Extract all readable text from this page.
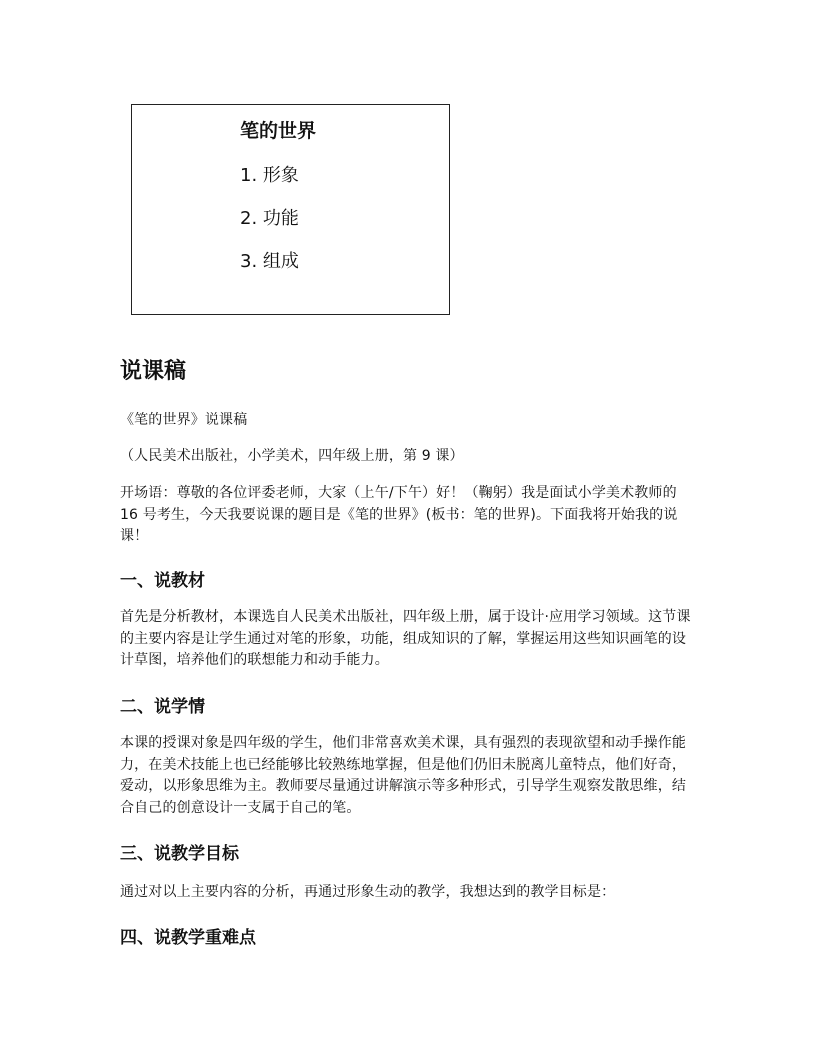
笔的世界
1. 形象
2. 功能
3. 组成
说课稿

《笔的世界》说课稿

（人民美术出版社，小学美术，四年级上册，第 9 课）

开场语：尊敬的各位评委老师，大家（上午/下午）好！（鞠躬）我是面试小学美术教师的 16 号考生，今天我要说课的题目是《笔的世界》(板书：笔的世界)。下面我将开始我的说课！

一、说教材

首先是分析教材，本课选自人民美术出版社，四年级上册，属于设计·应用学习领域。这节课的主要内容是让学生通过对笔的形象，功能，组成知识的了解，掌握运用这些知识画笔的设计草图，培养他们的联想能力和动手能力。

二、说学情

本课的授课对象是四年级的学生，他们非常喜欢美术课，具有强烈的表现欲望和动手操作能力，在美术技能上也已经能够比较熟练地掌握，但是他们仍旧未脱离儿童特点，他们好奇，爱动，以形象思维为主。教师要尽量通过讲解演示等多种形式，引导学生观察发散思维，结合自己的创意设计一支属于自己的笔。

三、说教学目标

通过对以上主要内容的分析，再通过形象生动的教学，我想达到的教学目标是：

四、说教学重难点
